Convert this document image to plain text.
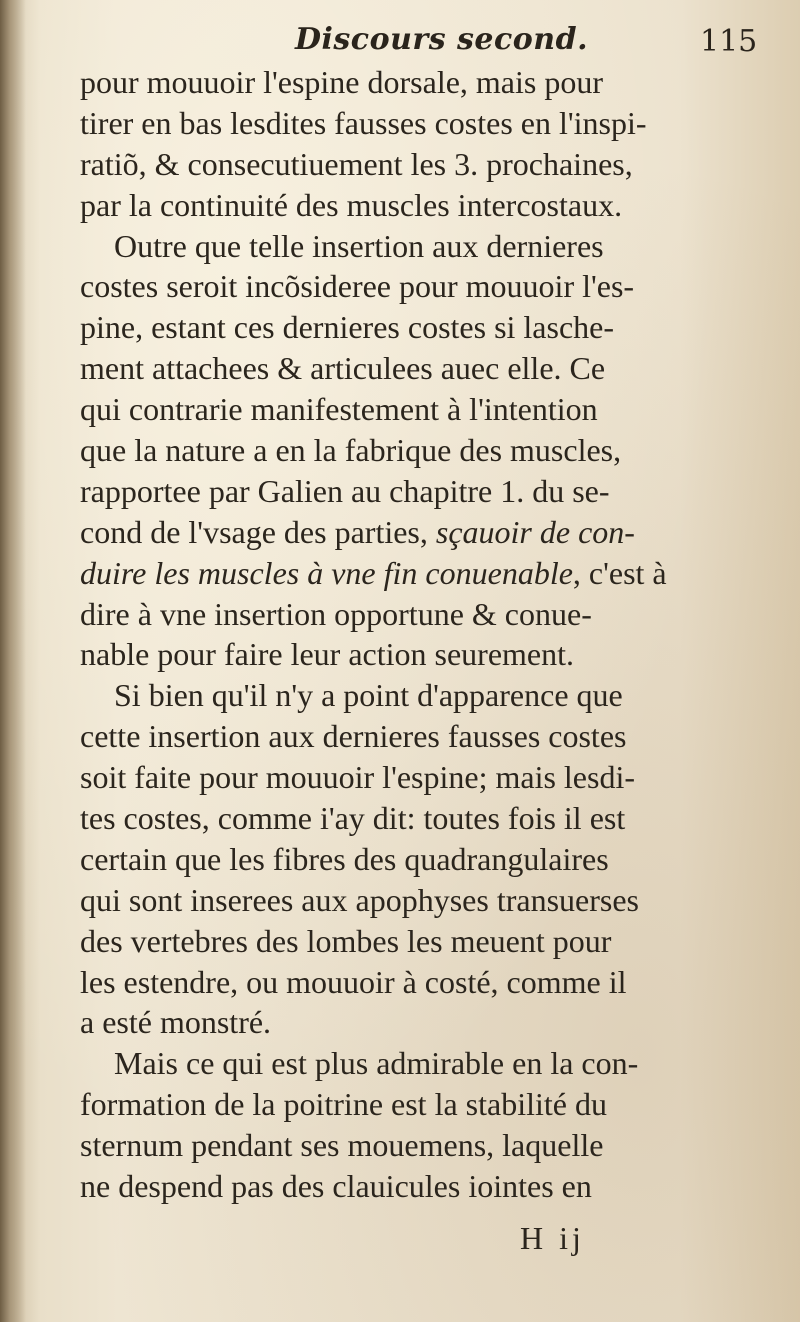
Discours second.	115
pour mouuoir l'espine dorsale, mais pour
tirer en bas lesdites fausses costes en l'inspi-
ratiõ, & consecutiuement les 3. prochaines,
par la continuité des muscles intercostaux.
Outre que telle insertion aux dernieres
costes seroit incõsideree pour mouuoir l'es-
pine, estant ces dernieres costes si lasche-
ment attachees & articulees auec elle. Ce
qui contrarie manifestement à l'intention
que la nature a en la fabrique des muscles,
rapportee par Galien au chapitre 1. du se-
cond de l'vsage des parties, sçauoir de con-
duire les muscles à vne fin conuenable, c'est à
dire à vne insertion opportune & conue-
nable pour faire leur action seurement.
Si bien qu'il n'y a point d'apparence que
cette insertion aux dernieres fausses costes
soit faite pour mouuoir l'espine; mais lesdi-
tes costes, comme i'ay dit: toutes fois il est
certain que les fibres des quadrangulaires
qui sont inserees aux apophyses transuerses
des vertebres des lombes les meuent pour
les estendre, ou mouuoir à costé, comme il
a esté monstré.
Mais ce qui est plus admirable en la con-
formation de la poitrine est la stabilité du
sternum pendant ses mouemens, laquelle
ne despend pas des clauicules iointes en
H ij
